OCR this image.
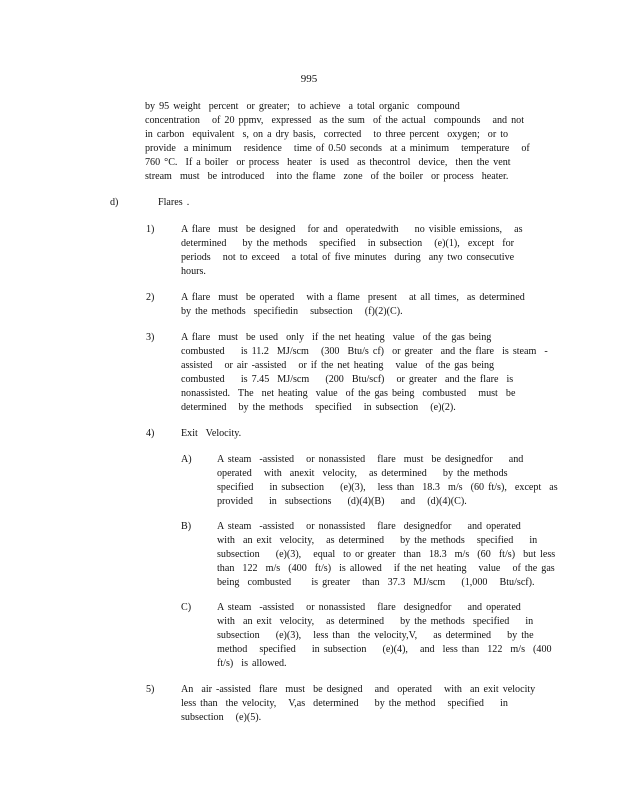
995
by 95 weight  percent  or greater;  to achieve  a total organic  compound
concentration   of 20 ppmv,  expressed  as the sum  of the actual  compounds   and not
in carbon  equivalent  s, on a dry basis,  corrected   to three percent  oxygen;  or to
provide  a minimum   residence   time of 0.50 seconds  at a minimum   temperature   of
760 °C.  If a boiler  or process  heater  is used  as thecontrol  device,  then the vent
stream  must  be introduced   into the flame  zone  of the boiler  or process  heater.
d)	Flares .
1)	A flare  must  be designed   for and  operatedwith    no visible emissions,   as
determined    by the methods   specified   in subsection   (e)(1),  except  for
periods   not to exceed   a total of five minutes  during  any two consecutive
hours.
2)	A flare  must  be operated   with a flame  present   at all times,  as determined
by the methods  specifiedin   subsection   (f)(2)(C).
3)	A flare  must  be used  only  if the net heating  value  of the gas being
combusted    is 11.2  MJ/scm   (300  Btu/s cf)  or greater  and the flare  is steam  -
assisted   or air -assisted   or if the net heating   value  of the gas being
combusted    is 7.45  MJ/scm    (200  Btu/scf)   or greater  and the flare  is
nonassisted.  The  net heating  value  of the gas being  combusted   must  be
determined   by the methods   specified   in subsection   (e)(2).
4)	Exit  Velocity.
A)	A steam  -assisted   or nonassisted   flare  must  be designedfor    and
operated   with  anexit  velocity,   as determined    by the methods
specified    in subsection    (e)(3),   less than  18.3  m/s  (60 ft/s),  except  as
provided    in  subsections    (d)(4)(B)    and   (d)(4)(C).
B)	A steam  -assisted   or nonassisted   flare  designedfor    and operated
with  an exit  velocity,   as determined    by the methods   specified    in
subsection    (e)(3),   equal  to or greater  than  18.3  m/s  (60  ft/s)  but less
than  122  m/s  (400  ft/s)  is allowed   if the net heating   value   of the gas
being  combusted     is greater   than  37.3  MJ/scm    (1,000   Btu/scf).
C)	A steam  -assisted   or nonassisted   flare  designedfor    and operated
with  an exit  velocity,   as determined    by the methods  specified    in
subsection    (e)(3),   less than  the velocity,V,    as determined    by the
method   specified    in subsection    (e)(4),   and  less than  122  m/s  (400
ft/s)  is allowed.
5)	An  air -assisted  flare  must  be designed   and  operated   with  an exit velocity
less than  the velocity,   V,as  determined    by the method   specified    in
subsection   (e)(5).
